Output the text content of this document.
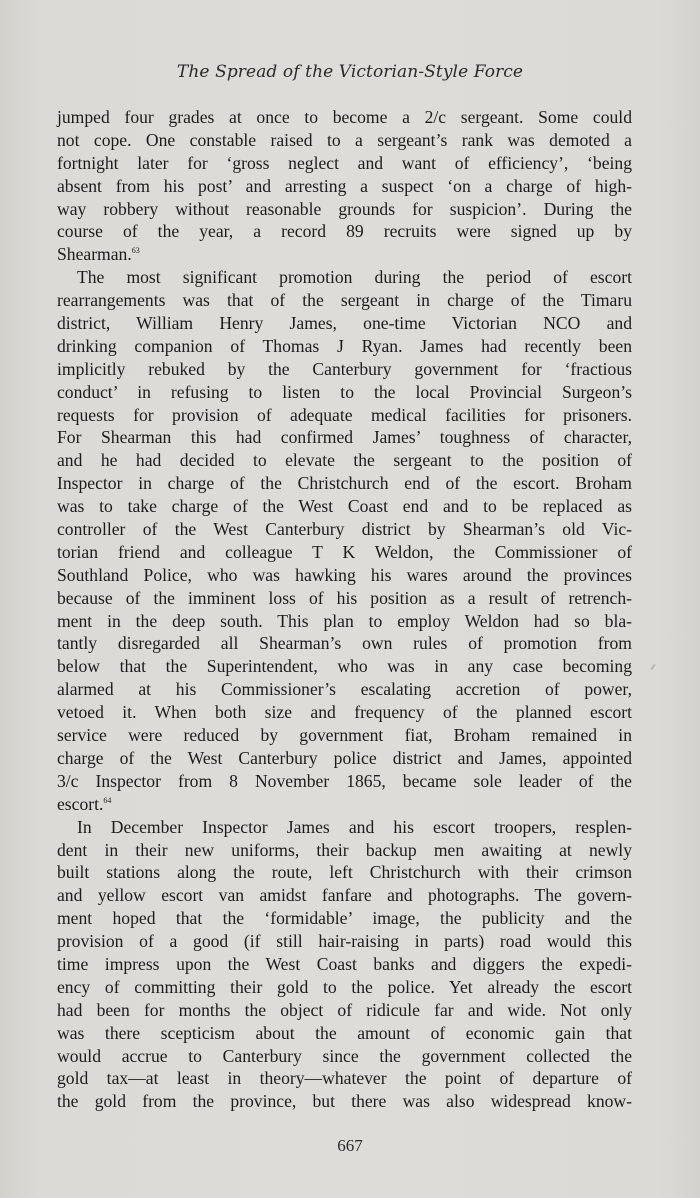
The Spread of the Victorian-Style Force
jumped four grades at once to become a 2/c sergeant. Some could
not cope. One constable raised to a sergeant’s rank was demoted a
fortnight later for ‘gross neglect and want of efficiency’, ‘being
absent from his post’ and arresting a suspect ‘on a charge of high-
way robbery without reasonable grounds for suspicion’. During the
course of the year, a record 89 recruits were signed up by
Shearman.$^{63}$
The most significant promotion during the period of escort
rearrangements was that of the sergeant in charge of the Timaru
district, William Henry James, one-time Victorian NCO and
drinking companion of Thomas J Ryan. James had recently been
implicitly rebuked by the Canterbury government for ‘fractious
conduct’ in refusing to listen to the local Provincial Surgeon’s
requests for provision of adequate medical facilities for prisoners.
For Shearman this had confirmed James’ toughness of character,
and he had decided to elevate the sergeant to the position of
Inspector in charge of the Christchurch end of the escort. Broham
was to take charge of the West Coast end and to be replaced as
controller of the West Canterbury district by Shearman’s old Vic-
torian friend and colleague T K Weldon, the Commissioner of
Southland Police, who was hawking his wares around the provinces
because of the imminent loss of his position as a result of retrench-
ment in the deep south. This plan to employ Weldon had so bla-
tantly disregarded all Shearman’s own rules of promotion from
below that the Superintendent, who was in any case becoming
alarmed at his Commissioner’s escalating accretion of power,
vetoed it. When both size and frequency of the planned escort
service were reduced by government fiat, Broham remained in
charge of the West Canterbury police district and James, appointed
3/c Inspector from 8 November 1865, became sole leader of the
escort.$^{64}$
In December Inspector James and his escort troopers, resplen-
dent in their new uniforms, their backup men awaiting at newly
built stations along the route, left Christchurch with their crimson
and yellow escort van amidst fanfare and photographs. The govern-
ment hoped that the ‘formidable’ image, the publicity and the
provision of a good (if still hair-raising in parts) road would this
time impress upon the West Coast banks and diggers the expedi-
ency of committing their gold to the police. Yet already the escort
had been for months the object of ridicule far and wide. Not only
was there scepticism about the amount of economic gain that
would accrue to Canterbury since the government collected the
gold tax—at least in theory—whatever the point of departure of
the gold from the province, but there was also widespread know-
667
